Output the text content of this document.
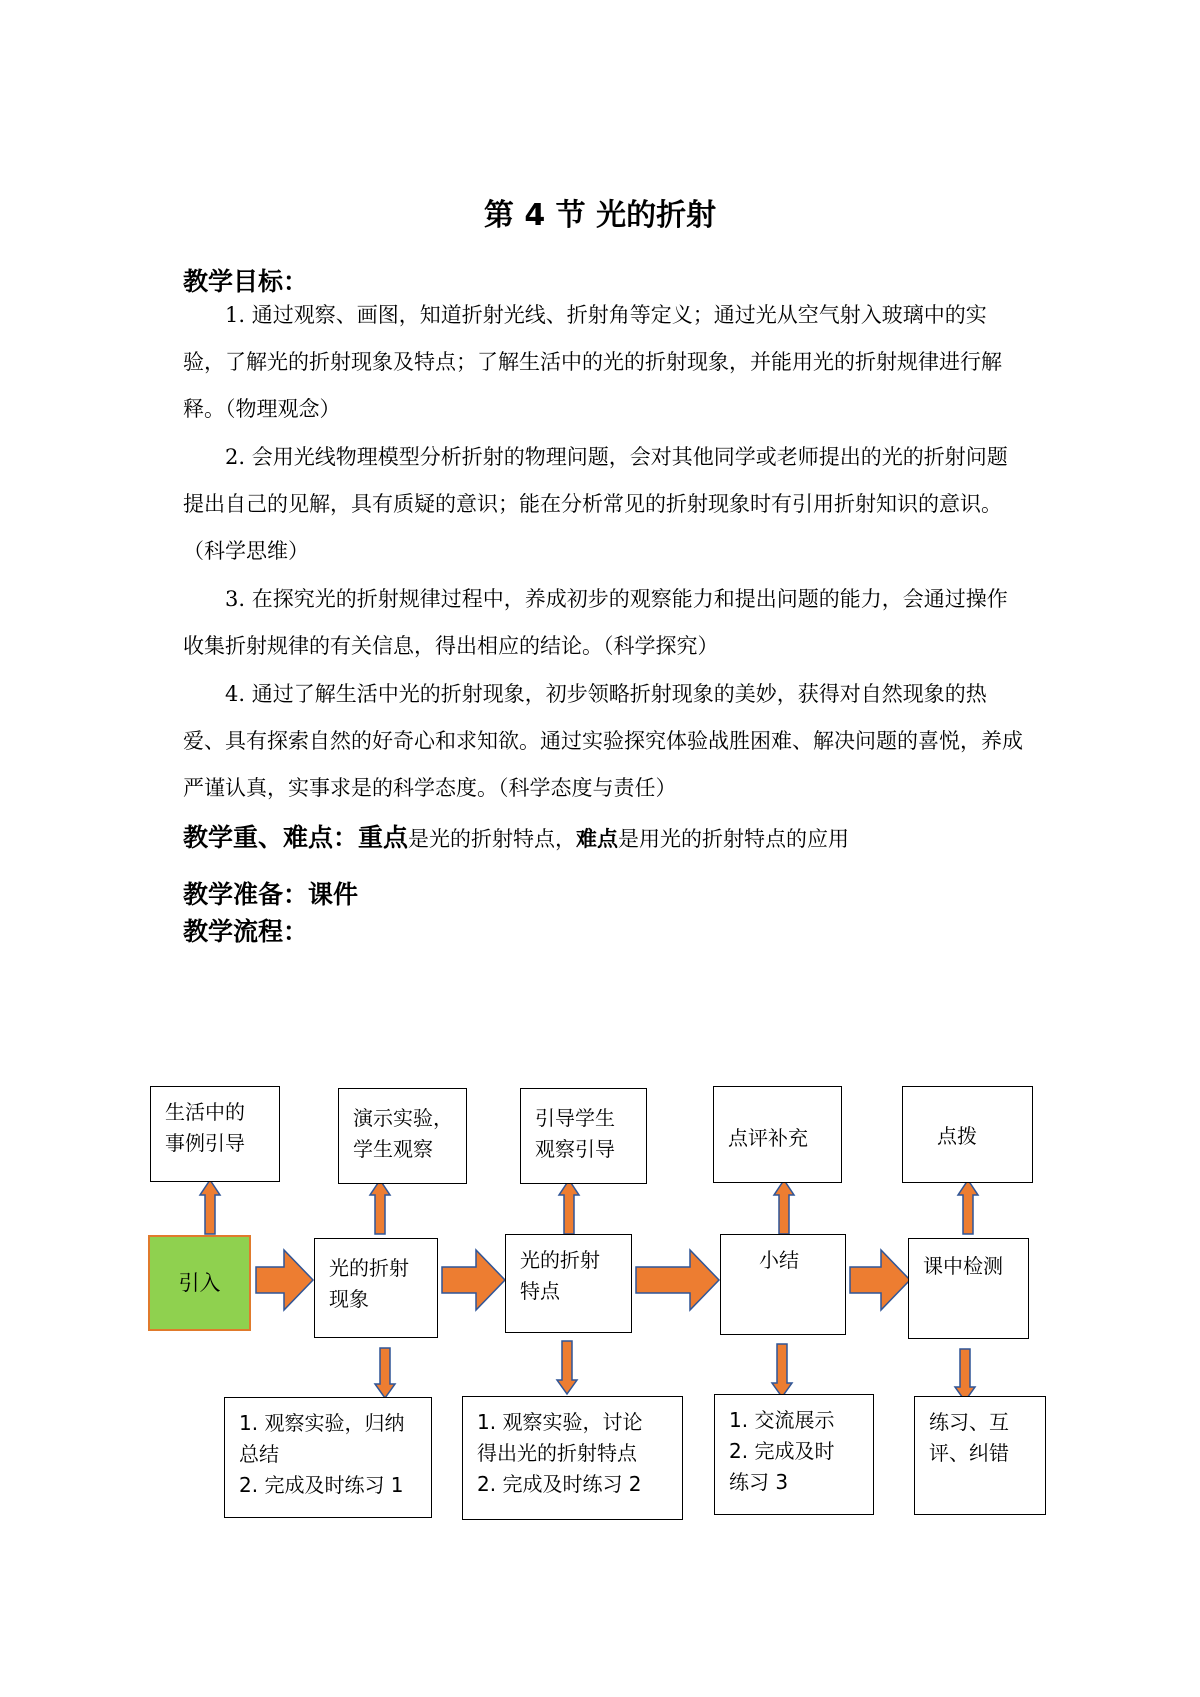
第 4 节 光的折射
教学目标：

1. 通过观察、画图，知道折射光线、折射角等定义；通过光从空气射入玻璃中的实验，了解光的折射现象及特点；了解生活中的光的折射现象，并能用光的折射规律进行解释。（物理观念）

2. 会用光线物理模型分析折射的物理问题，会对其他同学或老师提出的光的折射问题提出自己的见解，具有质疑的意识；能在分析常见的折射现象时有引用折射知识的意识。（科学思维）

3. 在探究光的折射规律过程中，养成初步的观察能力和提出问题的能力，会通过操作收集折射规律的有关信息，得出相应的结论。（科学探究）

4. 通过了解生活中光的折射现象，初步领略折射现象的美妙，获得对自然现象的热爱、具有探索自然的好奇心和求知欲。通过实验探究体验战胜困难、解决问题的喜悦，养成严谨认真，实事求是的科学态度。（科学态度与责任）

教学重、难点：重点是光的折射特点，难点是用光的折射特点的应用
教学准备：课件
教学流程：
生活中的
事例引导
演示实验，
学生观察
引导学生
观察引导	点评补充	点拨
引入
光的折射
现象
光的折射
特点
小结	课中检测
1. 观察实验，归纳
总结
2. 完成及时练习 1
1. 观察实验，讨论
得出光的折射特点
2. 完成及时练习 2
1. 交流展示
2. 完成及时
练习 3
练习、互
评、纠错
